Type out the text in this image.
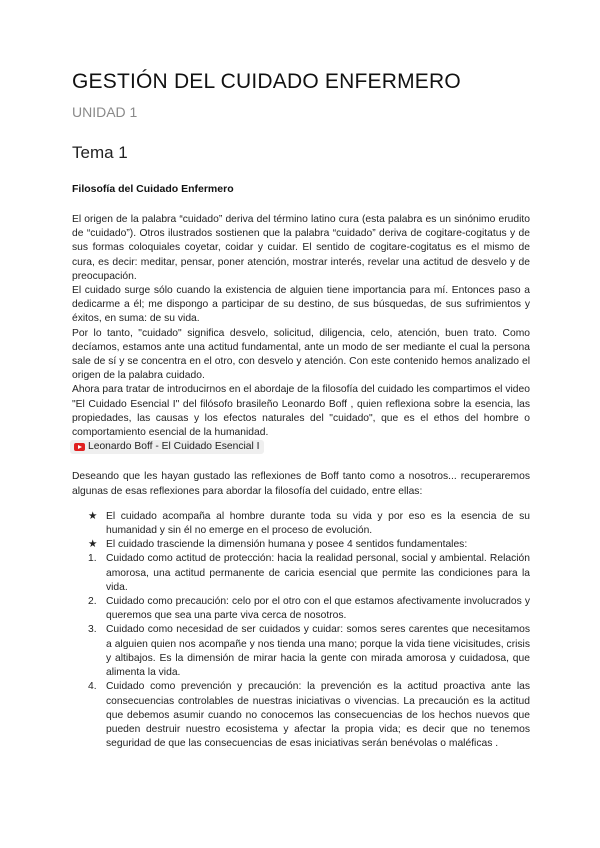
GESTIÓN DEL CUIDADO ENFERMERO
UNIDAD 1
Tema 1
Filosofía del Cuidado Enfermero

El origen de la palabra “cuidado” deriva del término latino cura (esta palabra es un sinónimo erudito de “cuidado”). Otros ilustrados sostienen que la palabra “cuidado” deriva de cogitare-cogitatus y de sus formas coloquiales coyetar, coidar y cuidar. El sentido de cogitare-cogitatus es el mismo de cura, es decir: meditar, pensar, poner atención, mostrar interés, revelar una actitud de desvelo y de preocupación.

El cuidado surge sólo cuando la existencia de alguien tiene importancia para mí. Entonces paso a dedicarme a él; me dispongo a participar de su destino, de sus búsquedas, de sus sufrimientos y éxitos, en suma: de su vida.

Por lo tanto, "cuidado" significa desvelo, solicitud, diligencia, celo, atención, buen trato. Como decíamos, estamos ante una actitud fundamental, ante un modo de ser mediante el cual la persona sale de sí y se concentra en el otro, con desvelo y atención. Con este contenido hemos analizado el origen de la palabra cuidado.

Ahora para tratar de introducirnos en el abordaje de la filosofía del cuidado les compartimos el video "El Cuidado Esencial I" del filósofo brasileño Leonardo Boff , quien reflexiona sobre la esencia, las propiedades, las causas y los efectos naturales del "cuidado", que es el ethos del hombre o comportamiento esencial de la humanidad.

Leonardo Boff - El Cuidado Esencial I

Deseando que les hayan gustado las reflexiones de Boff tanto como a nosotros... recuperaremos algunas de esas reflexiones para abordar la filosofía del cuidado, entre ellas:

★ El cuidado acompaña al hombre durante toda su vida y por eso es la esencia de su humanidad y sin él no emerge en el proceso de evolución.
★ El cuidado trasciende la dimensión humana y posee 4 sentidos fundamentales:
1. Cuidado como actitud de protección: hacia la realidad personal, social y ambiental. Relación amorosa, una actitud permanente de caricia esencial que permite las condiciones para la vida.
2. Cuidado como precaución: celo por el otro con el que estamos afectivamente involucrados y queremos que sea una parte viva cerca de nosotros.
3. Cuidado como necesidad de ser cuidados y cuidar: somos seres carentes que necesitamos a alguien quien nos acompañe y nos tienda una mano; porque la vida tiene vicisitudes, crisis y altibajos. Es la dimensión de mirar hacia la gente con mirada amorosa y cuidadosa, que alimenta la vida.
4. Cuidado como prevención y precaución: la prevención es la actitud proactiva ante las consecuencias controlables de nuestras iniciativas o vivencias. La precaución es la actitud que debemos asumir cuando no conocemos las consecuencias de los hechos nuevos que pueden destruir nuestro ecosistema y afectar la propia vida; es decir que no tenemos seguridad de que las consecuencias de esas iniciativas serán benévolas o maléficas .
